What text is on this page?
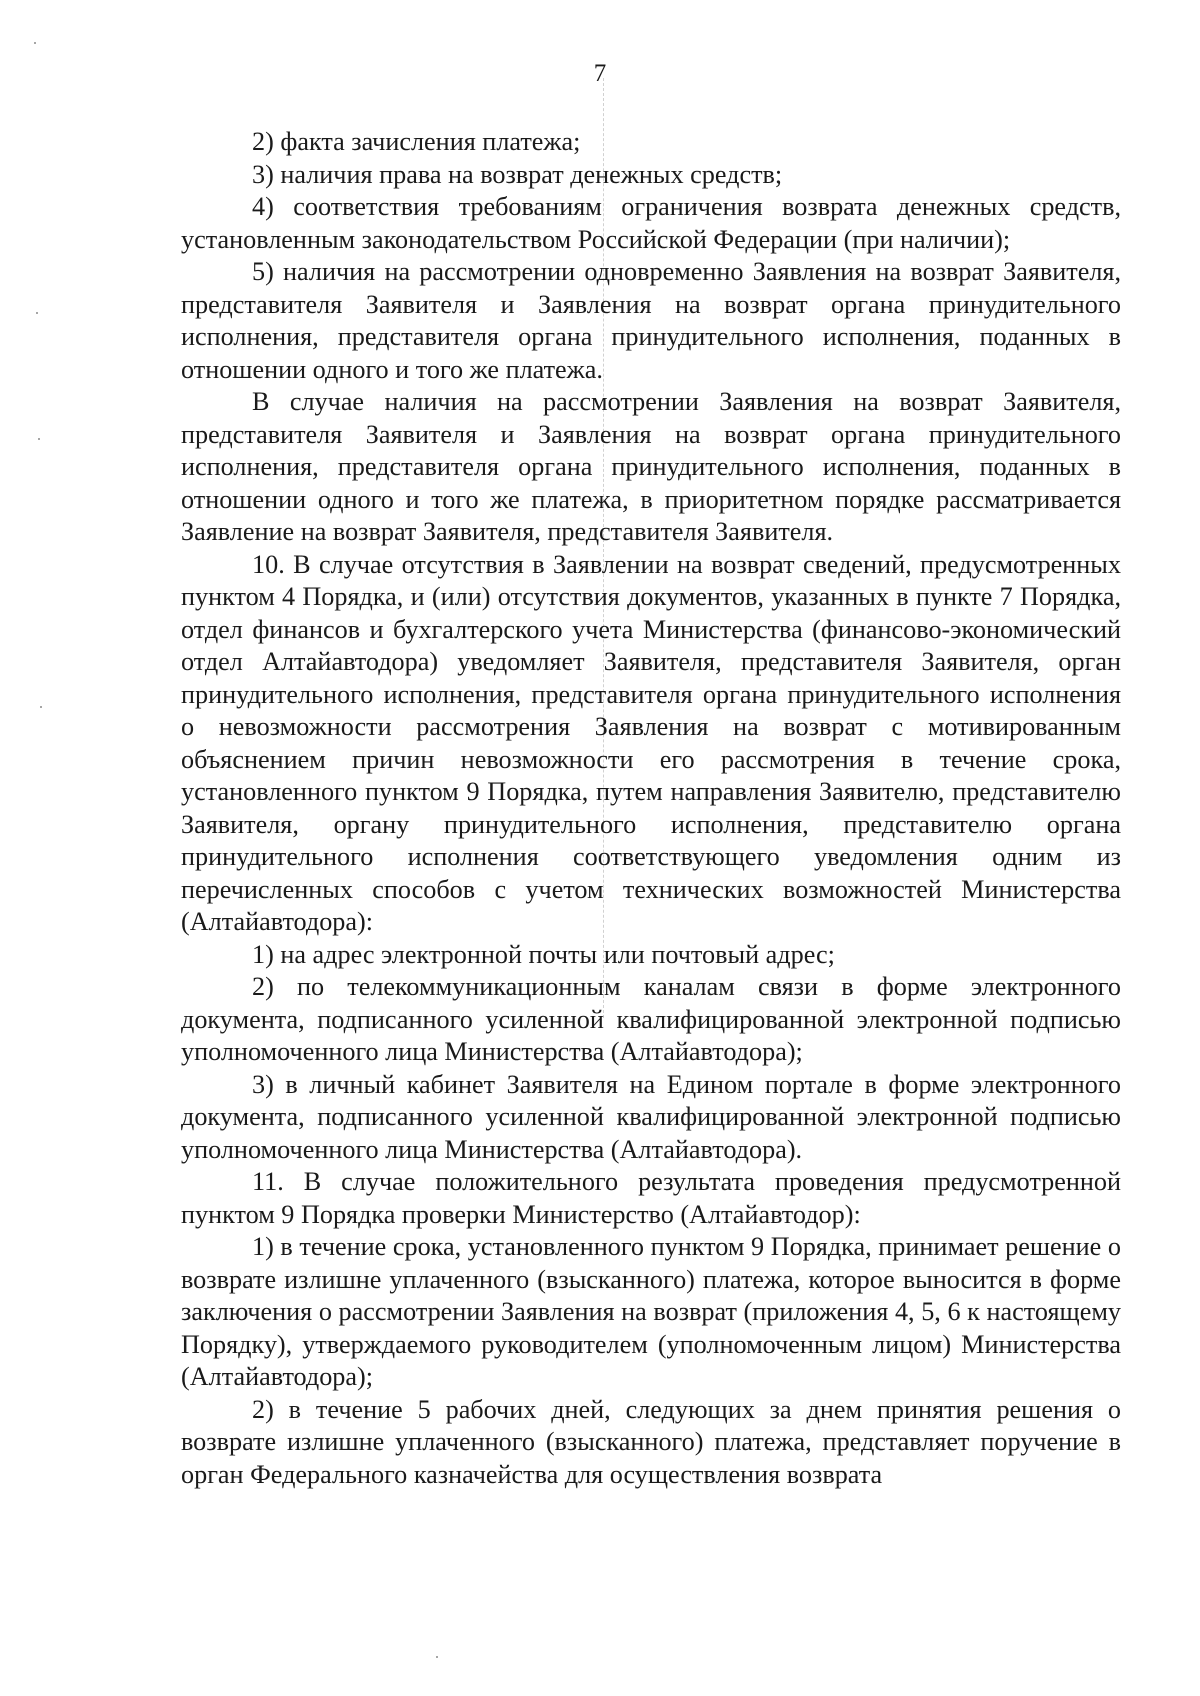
7

2) факта зачисления платежа;

3) наличия права на возврат денежных средств;

4) соответствия требованиям ограничения возврата денежных средств, установленным законодательством Российской Федерации (при наличии);

5) наличия на рассмотрении одновременно Заявления на возврат Заявителя, представителя Заявителя и Заявления на возврат органа принудительного исполнения, представителя органа принудительного исполнения, поданных в отношении одного и того же платежа.

В случае наличия на рассмотрении Заявления на возврат Заявителя, представителя Заявителя и Заявления на возврат органа принудительного исполнения, представителя органа принудительного исполнения, поданных в отношении одного и того же платежа, в приоритетном порядке рассматривается Заявление на возврат Заявителя, представителя Заявителя.

10. В случае отсутствия в Заявлении на возврат сведений, предусмотренных пунктом 4 Порядка, и (или) отсутствия документов, указанных в пункте 7 Порядка, отдел финансов и бухгалтерского учета Министерства (финансово-экономический отдел Алтайавтодора) уведомляет Заявителя, представителя Заявителя, орган принудительного исполнения, представителя органа принудительного исполнения о невозможности рассмотрения Заявления на возврат с мотивированным объяснением причин невозможности его рассмотрения в течение срока, установленного пунктом 9 Порядка, путем направления Заявителю, представителю Заявителя, органу принудительного исполнения, представителю органа принудительного исполнения соответствующего уведомления одним из перечисленных способов с учетом технических возможностей Министерства (Алтайавтодора):

1) на адрес электронной почты или почтовый адрес;

2) по телекоммуникационным каналам связи в форме электронного документа, подписанного усиленной квалифицированной электронной подписью уполномоченного лица Министерства (Алтайавтодора);

3) в личный кабинет Заявителя на Едином портале в форме электронного документа, подписанного усиленной квалифицированной электронной подписью уполномоченного лица Министерства (Алтайавтодора).

11. В случае положительного результата проведения предусмотренной пунктом 9 Порядка проверки Министерство (Алтайавтодор):

1) в течение срока, установленного пунктом 9 Порядка, принимает решение о возврате излишне уплаченного (взысканного) платежа, которое выносится в форме заключения о рассмотрении Заявления на возврат (приложения 4, 5, 6 к настоящему Порядку), утверждаемого руководителем (уполномоченным лицом) Министерства (Алтайавтодора);

2) в течение 5 рабочих дней, следующих за днем принятия решения о возврате излишне уплаченного (взысканного) платежа, представляет поручение в орган Федерального казначейства для осуществления возврата
